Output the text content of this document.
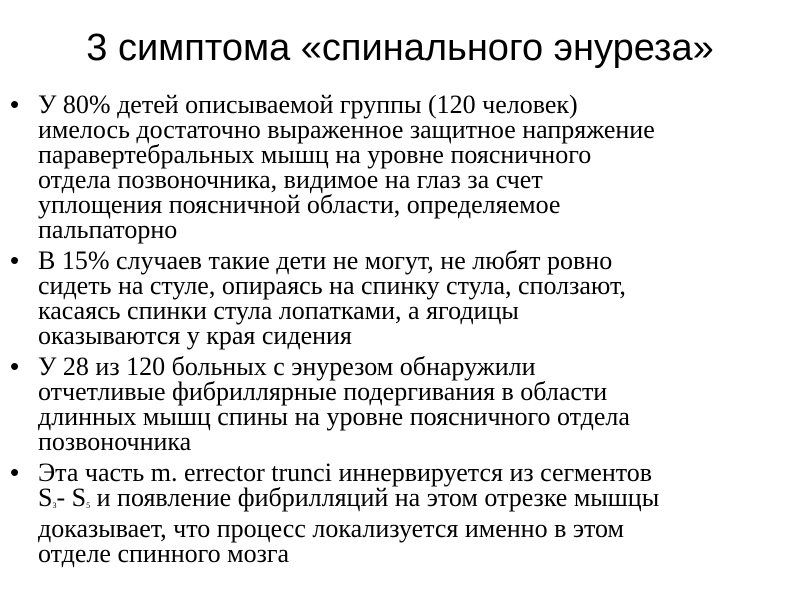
3 симптома «спинального энуреза»
• У 80% детей описываемой группы (120 человек)
имелось достаточно выраженное защитное напряжение
паравертебральных мышц на уровне поясничного
отдела позвоночника, видимое на глаз за счет
уплощения поясничной области, определяемое
пальпаторно
• В 15% случаев такие дети не могут, не любят ровно
сидеть на стуле, опираясь на спинку стула, сползают,
касаясь спинки стула лопатками, а ягодицы
оказываются у края сидения
• У 28 из 120 больных с энурезом обнаружили
отчетливые фибриллярные подергивания в области
длинных мышц спины на уровне поясничного отдела
позвоночника
• Эта часть m. errector trunci иннервируется из сегментов
$S_3-$ $S_5$ и появление фибрилляций на этом отрезке мышцы
доказывает, что процесс локализуется именно в этом
отделе спинного мозга
